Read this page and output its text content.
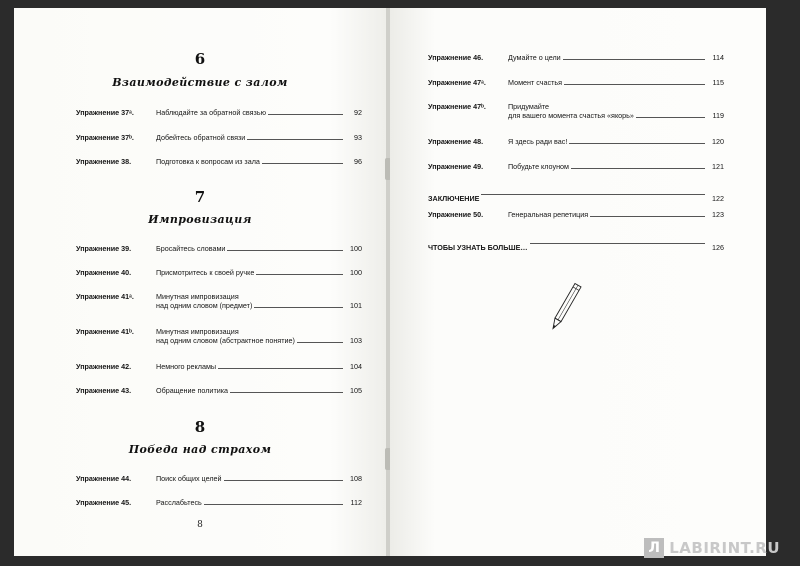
6
Взаимодействие с залом
Упражнение 37ᵃ.	Наблюдайте за обратной связью	92
Упражнение 37ᵇ.	Добейтесь обратной связи	93
Упражнение 38.	Подготовка к вопросам из зала	96
7
Импровизация
Упражнение 39.	Бросайтесь словами	100
Упражнение 40.	Присмотритесь к своей ручке	100
Упражнение 41ᵃ.	Минутная импровизация
над одним словом (предмет)	101
Упражнение 41ᵇ.	Минутная импровизация
над одним словом (абстрактное понятие)	103
Упражнение 42.	Немного рекламы	104
Упражнение 43.	Обращение политика	105
8
Победа над страхом
Упражнение 44.	Поиск общих целей	108
Упражнение 45.	Расслабьтесь	112
8
Упражнение 46.	Думайте о цели	114
Упражнение 47ᵃ.	Момент счастья	115
Упражнение 47ᵇ.	Придумайте
для вашего момента счастья «якорь»	119
Упражнение 48.	Я здесь ради вас!	120
Упражнение 49.	Побудьте клоуном	121
ЗАКЛЮЧЕНИЕ	122
Упражнение 50.	Генеральная репетиция	123
ЧТОБЫ УЗНАТЬ БОЛЬШЕ…	126
Л LABIRINT.RU
